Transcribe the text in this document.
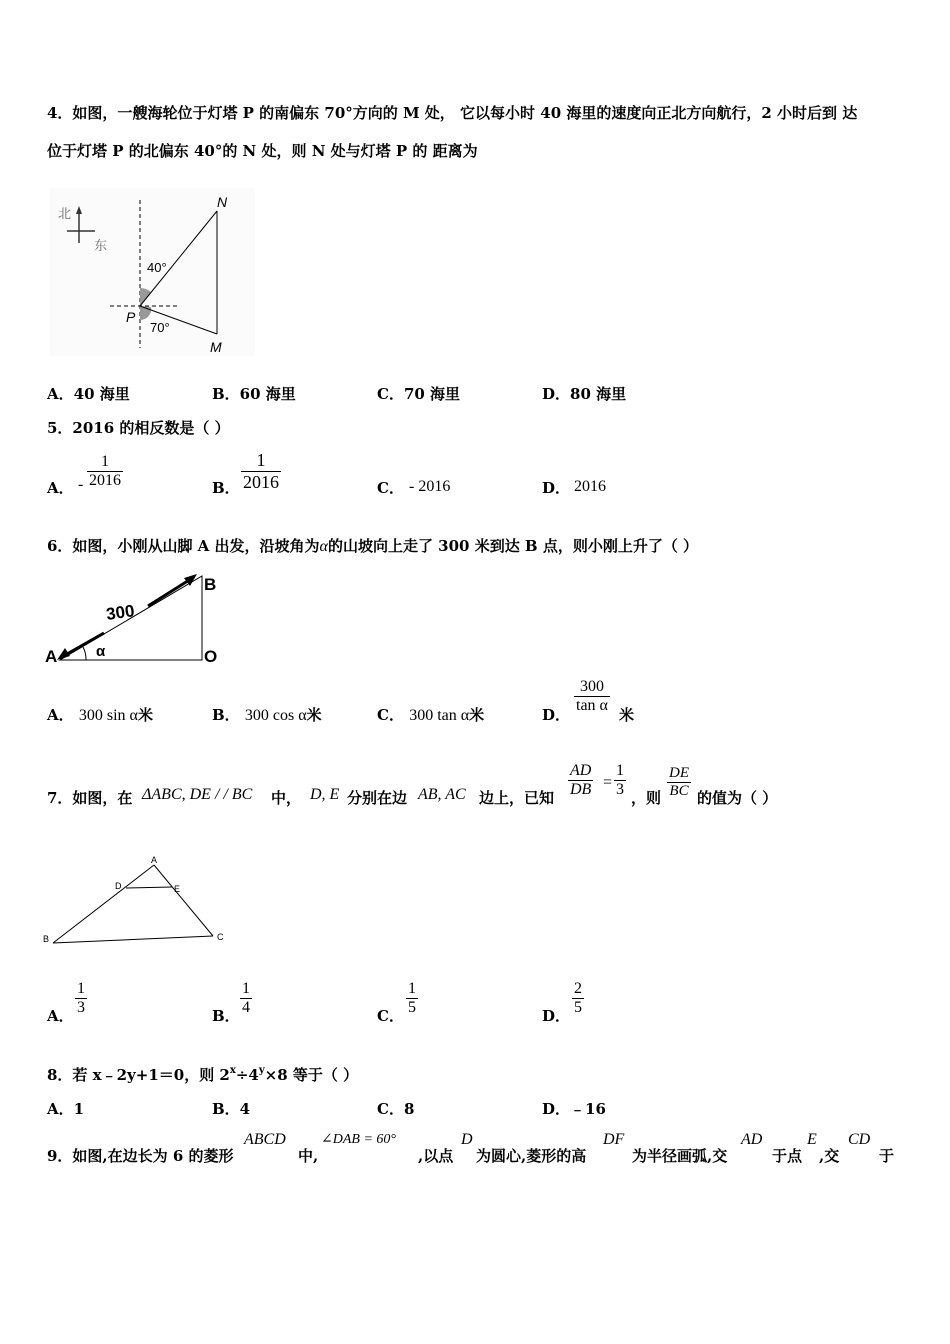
4．如图，一艘海轮位于灯塔 P 的南偏东 70°方向的 M 处， 它以每小时 40 海里的速度向正北方向航行，2 小时后到 达
位于灯塔 P 的北偏东 40°的 N 处，则 N 处与灯塔 P 的 距离为
北
东
N
M
P
40°
70°
A．40 海里	B．60 海里	C．70 海里	D．80 海里
5．2016 的相反数是（ ）
A． -
1
2016	B．
1
2016	C． - 2016	D． 2016
6．如图，小刚从山脚 A 出发，沿坡角为α的山坡向上走了 300 米到达 B 点，则小刚上升了（ ）
300
A
B
O
α
A． 300 sin α米	B． 300 cos α米	C． 300 tan α米	D．
300
tan α
米
7．如图，在 ΔABC, DE / / BC 中， D, E 分别在边 AB, AC 边上，已知
AD
DB =
1
3 ，则
DE
BC 的值为（ ）
A
B	C
D	E
A．
1
3	B．
1
4	C．
1
5	D．
2
5
8．若 x﹣2y+1＝0，则 $2^x\div 4^y\times 8$ 等于（ ）
A．1	B．4	C．8	D．﹣16
9．如图,在边长为 6 的菱形
ABCD
中,
∠DAB = 60°
,以点
D
为圆心,菱形的高
DF
为半径画弧,交
AD
于点
E
,交
CD
于
